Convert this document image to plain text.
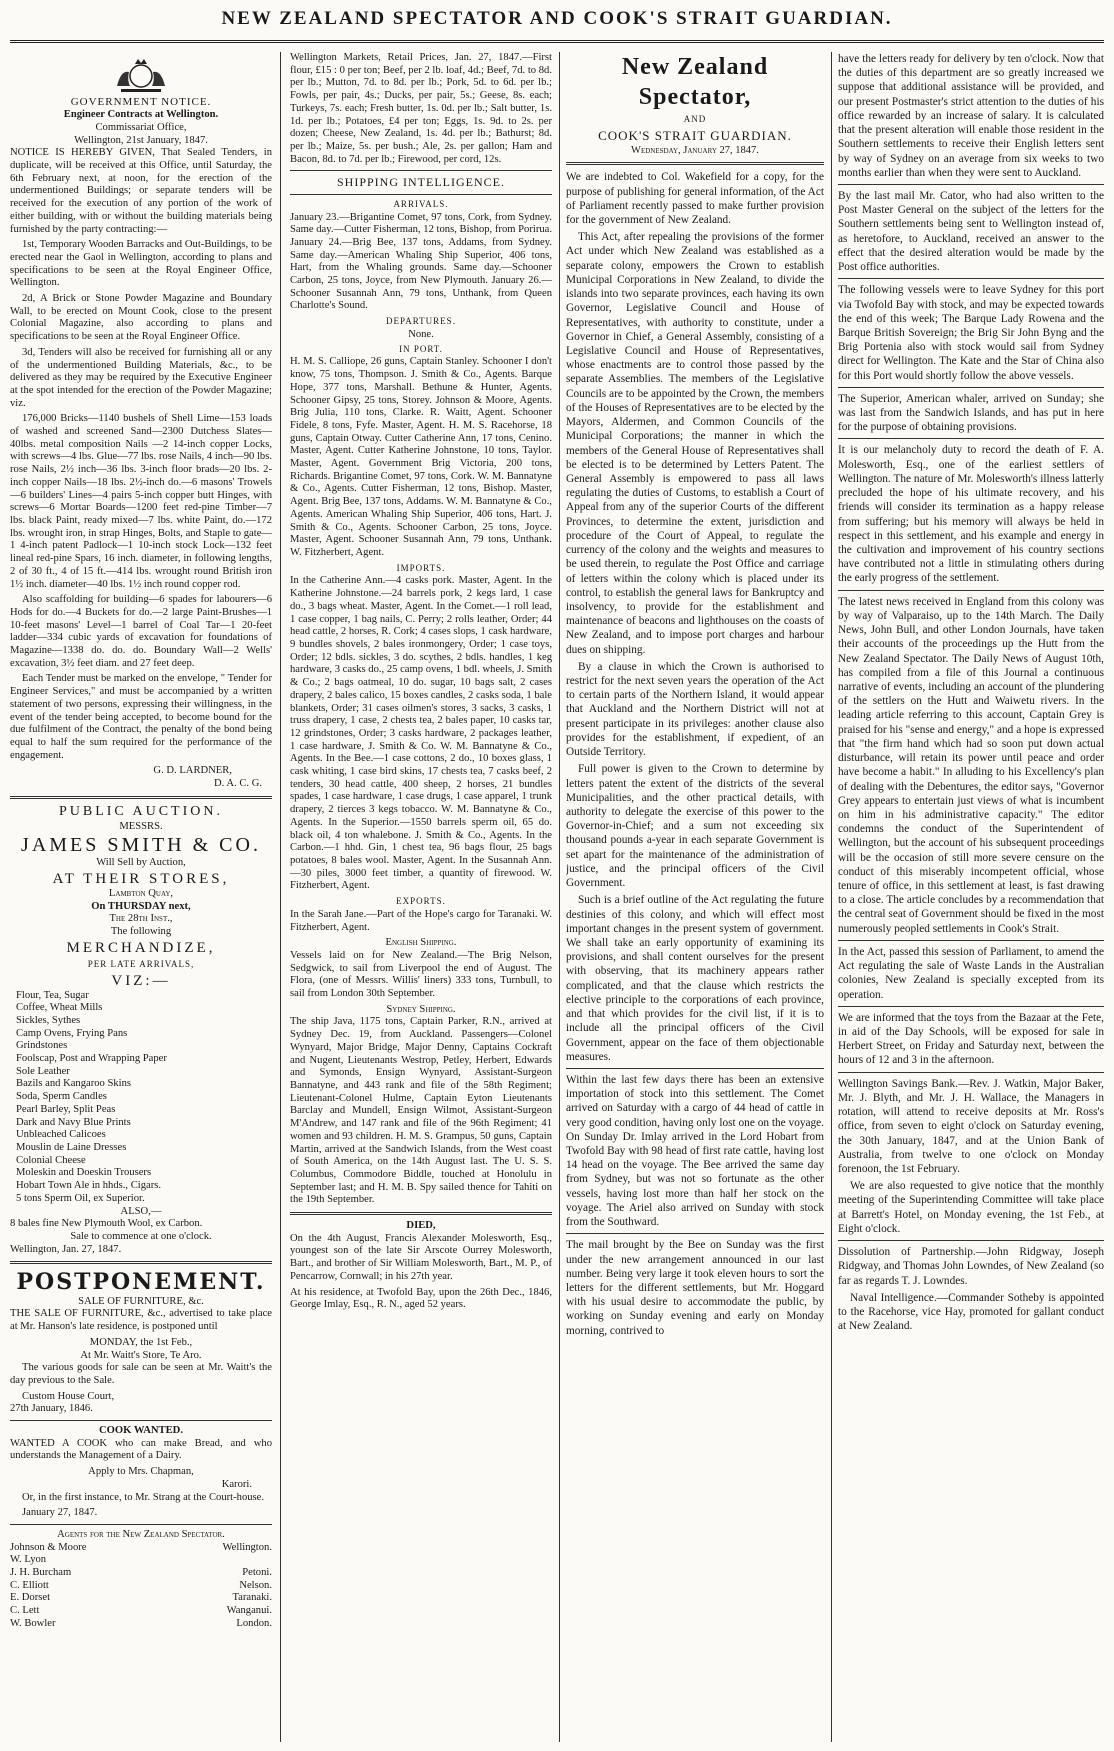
NEW ZEALAND SPECTATOR AND COOK'S STRAIT GUARDIAN.
GOVERNMENT NOTICE.
Engineer Contracts at Wellington.
Commissariat Office,
Wellington, 21st January, 1847.

NOTICE IS HEREBY GIVEN, That Sealed Tenders, in duplicate, will be received at this Office, until Saturday, the 6th February next, at noon, for the erection of the undermentioned Buildings; or separate tenders will be received for the execution of any portion of the work of either building, with or without the building materials being furnished by the party contracting:—

1st, Temporary Wooden Barracks and Out-Buildings, to be erected near the Gaol in Wellington, according to plans and specifications to be seen at the Royal Engineer Office, Wellington.

2d, A Brick or Stone Powder Magazine and Boundary Wall, to be erected on Mount Cook, close to the present Colonial Magazine, also according to plans and specifications to be seen at the Royal Engineer Office.

3d, Tenders will also be received for furnishing all or any of the undermentioned Building Materials, &c., to be delivered as they may be required by the Executive Engineer at the spot intended for the erection of the Powder Magazine; viz.

176,000 Bricks—1140 bushels of Shell Lime—153 loads of washed and screened Sand—2300 Dutchess Slates—40lbs. metal composition Nails —2 14-inch copper Locks, with screws—4 lbs. Glue—77 lbs. rose Nails, 4 inch—90 lbs. rose Nails, 2½ inch—36 lbs. 3-inch floor brads—20 lbs. 2-inch copper Nails—18 lbs. 2½-inch do.—6 masons' Trowels—6 builders' Lines—4 pairs 5-inch copper butt Hinges, with screws—6 Mortar Boards—1200 feet red-pine Timber—7 lbs. black Paint, ready mixed—7 lbs. white Paint, do.—172 lbs. wrought iron, in strap Hinges, Bolts, and Staple to gate—1 4-inch patent Padlock—1 10-inch stock Lock—132 feet lineal red-pine Spars, 16 inch. diameter, in following lengths, 2 of 30 ft., 4 of 15 ft.—414 lbs. wrought round British iron 1½ inch. diameter—40 lbs. 1½ inch round copper rod.

Also scaffolding for building—6 spades for labourers—6 Hods for do.—4 Buckets for do.—2 large Paint-Brushes—1 10-feet masons' Level—1 barrel of Coal Tar—1 20-feet ladder—334 cubic yards of excavation for foundations of Magazine—1338 do. do. do. Boundary Wall—2 Wells' excavation, 3½ feet diam. and 27 feet deep.

Each Tender must be marked on the envelope, " Tender for Engineer Services," and must be accompanied by a written statement of two persons, expressing their willingness, in the event of the tender being accepted, to become bound for the due fulfilment of the Contract, the penalty of the bond being equal to half the sum required for the performance of the engagement.

G. D. LARDNER,
D. A. C. G.
PUBLIC AUCTION.
MESSRS.
JAMES SMITH & CO.
Will Sell by Auction,
AT THEIR STORES,
Lambton Quay,
On THURSDAY next,
The 28th Inst.,
The following
MERCHANDIZE,
PER LATE ARRIVALS,
VIZ:—
Flour, Tea, Sugar
Coffee, Wheat Mills
Sickles, Sythes
Camp Ovens, Frying Pans
Grindstones
Foolscap, Post and Wrapping Paper
Sole Leather
Bazils and Kangaroo Skins
Soda, Sperm Candles
Pearl Barley, Split Peas
Dark and Navy Blue Prints
Unbleached Calicoes
Mouslin de Laine Dresses
Colonial Cheese
Moleskin and Doeskin Trousers
Hobart Town Ale in hhds., Cigars.
5 tons Sperm Oil, ex Superior.
ALSO,—
8 bales fine New Plymouth Wool, ex Carbon.
Sale to commence at one o'clock.
Wellington, Jan. 27, 1847.
POSTPONEMENT.
SALE OF FURNITURE, &c.

THE SALE OF FURNITURE, &c., advertised to take place at Mr. Hanson's late residence, is postponed until

MONDAY, the 1st Feb.,
At Mr. Waitt's Store, Te Aro.

The various goods for sale can be seen at Mr. Waitt's the day previous to the Sale.

Custom House Court,
27th January, 1846.
COOK WANTED.

WANTED A COOK who can make Bread, and who understands the Management of a Dairy.

Apply to Mrs. Chapman,
Karori.

Or, in the first instance, to Mr. Strang at the Court-house.

January 27, 1847.
Agents for the New Zealand Spectator.
Johnson & Moore	Wellington.
W. Lyon	
J. H. Burcham	Petoni.
C. Elliott	Nelson.
E. Dorset	Taranaki.
C. Lett	Wanganui.
W. Bowler	London.

Wellington Markets, Retail Prices, Jan. 27, 1847.—First flour, £15 : 0 per ton; Beef, per 2 lb. loaf, 4d.; Beef, 7d. to 8d. per lb.; Mutton, 7d. to 8d. per lb.; Pork, 5d. to 6d. per lb.; Fowls, per pair, 4s.; Ducks, per pair, 5s.; Geese, 8s. each; Turkeys, 7s. each; Fresh butter, 1s. 0d. per lb.; Salt butter, 1s. 1d. per lb.; Potatoes, £4 per ton; Eggs, 1s. 9d. to 2s. per dozen; Cheese, New Zealand, 1s. 4d. per lb.; Bathurst; 8d. per lb.; Maize, 5s. per bush.; Ale, 2s. per gallon; Ham and Bacon, 8d. to 7d. per lb.; Firewood, per cord, 12s.

SHIPPING INTELLIGENCE.
ARRIVALS.

January 23.—Brigantine Comet, 97 tons, Cork, from Sydney. Same day.—Cutter Fisherman, 12 tons, Bishop, from Porirua. January 24.—Brig Bee, 137 tons, Addams, from Sydney. Same day.—American Whaling Ship Superior, 406 tons, Hart, from the Whaling grounds. Same day.—Schooner Carbon, 25 tons, Joyce, from New Plymouth. January 26.—Schooner Susannah Ann, 79 tons, Unthank, from Queen Charlotte's Sound.

DEPARTURES.
None.
IN PORT.

H. M. S. Calliope, 26 guns, Captain Stanley. Schooner I don't know, 75 tons, Thompson. J. Smith & Co., Agents. Barque Hope, 377 tons, Marshall. Bethune & Hunter, Agents. Schooner Gipsy, 25 tons, Storey. Johnson & Moore, Agents. Brig Julia, 110 tons, Clarke. R. Waitt, Agent. Schooner Fidele, 8 tons, Fyfe. Master, Agent. H. M. S. Racehorse, 18 guns, Captain Otway. Cutter Catherine Ann, 17 tons, Cenino. Master, Agent. Cutter Katherine Johnstone, 10 tons, Taylor. Master, Agent. Government Brig Victoria, 200 tons, Richards. Brigantine Comet, 97 tons, Cork. W. M. Bannatyne & Co., Agents. Cutter Fisherman, 12 tons, Bishop. Master, Agent. Brig Bee, 137 tons, Addams. W. M. Bannatyne & Co., Agents. American Whaling Ship Superior, 406 tons, Hart. J. Smith & Co., Agents. Schooner Carbon, 25 tons, Joyce. Master, Agent. Schooner Susannah Ann, 79 tons, Unthank. W. Fitzherbert, Agent.

IMPORTS.

In the Catherine Ann.—4 casks pork. Master, Agent. In the Katherine Johnstone.—24 barrels pork, 2 kegs lard, 1 case do., 3 bags wheat. Master, Agent. In the Comet.—1 roll lead, 1 case copper, 1 bag nails, C. Perry; 2 rolls leather, Order; 44 head cattle, 2 horses, R. Cork; 4 cases slops, 1 cask hardware, 9 bundles shovels, 2 bales ironmongery, Order; 1 case toys, Order; 12 bdls. sickles, 3 do. scythes, 2 bdls. handles, 1 keg hardware, 3 casks do., 25 camp ovens, 1 bdl. wheels, J. Smith & Co.; 2 bags oatmeal, 10 do. sugar, 10 bags salt, 2 cases drapery, 2 bales calico, 15 boxes candles, 2 casks soda, 1 bale blankets, Order; 31 cases oilmen's stores, 3 sacks, 3 casks, 1 truss drapery, 1 case, 2 chests tea, 2 bales paper, 10 casks tar, 12 grindstones, Order; 3 casks hardware, 2 packages leather, 1 case hardware, J. Smith & Co. W. M. Bannatyne & Co., Agents. In the Bee.—1 case cottons, 2 do., 10 boxes glass, 1 cask whiting, 1 case bird skins, 17 chests tea, 7 casks beef, 2 tenders, 30 head cattle, 400 sheep, 2 horses, 21 bundles spades, 1 case hardware, 1 case drugs, 1 case apparel, 1 trunk drapery, 2 tierces 3 kegs tobacco. W. M. Bannatyne & Co., Agents. In the Superior.—1550 barrels sperm oil, 65 do. black oil, 4 ton whalebone. J. Smith & Co., Agents. In the Carbon.—1 hhd. Gin, 1 chest tea, 96 bags flour, 25 bags potatoes, 8 bales wool. Master, Agent. In the Susannah Ann.—30 piles, 3000 feet timber, a quantity of firewood. W. Fitzherbert, Agent.

EXPORTS.

In the Sarah Jane.—Part of the Hope's cargo for Taranaki. W. Fitzherbert, Agent.

English Shipping.

Vessels laid on for New Zealand.—The Brig Nelson, Sedgwick, to sail from Liverpool the end of August. The Flora, (one of Messrs. Willis' liners) 333 tons, Turnbull, to sail from London 30th September.

Sydney Shipping.

The ship Java, 1175 tons, Captain Parker, R.N., arrived at Sydney Dec. 19, from Auckland. Passengers—Colonel Wynyard, Major Bridge, Major Denny, Captains Cockraft and Nugent, Lieutenants Westrop, Petley, Herbert, Edwards and Symonds, Ensign Wynyard, Assistant-Surgeon Bannatyne, and 443 rank and file of the 58th Regiment; Lieutenant-Colonel Hulme, Captain Eyton Lieutenants Barclay and Mundell, Ensign Wilmot, Assistant-Surgeon M'Andrew, and 147 rank and file of the 96th Regiment; 41 women and 93 children. H. M. S. Grampus, 50 guns, Captain Martin, arrived at the Sandwich Islands, from the West coast of South America, on the 14th August last. The U. S. S. Columbus, Commodore Biddle, touched at Honolulu in September last; and H. M. B. Spy sailed thence for Tahiti on the 19th September.

DIED,

On the 4th August, Francis Alexander Molesworth, Esq., youngest son of the late Sir Arscote Ourrey Molesworth, Bart., and brother of Sir William Molesworth, Bart., M. P., of Pencarrow, Cornwall; in his 27th year.

At his residence, at Twofold Bay, upon the 26th Dec., 1846, George Imlay, Esq., R. N., aged 52 years.

New Zealand Spectator,
AND
COOK'S STRAIT GUARDIAN.
Wednesday, January 27, 1847.

We are indebted to Col. Wakefield for a copy, for the purpose of publishing for general information, of the Act of Parliament recently passed to make further provision for the government of New Zealand.

This Act, after repealing the provisions of the former Act under which New Zealand was established as a separate colony, empowers the Crown to establish Municipal Corporations in New Zealand, to divide the islands into two separate provinces, each having its own Governor, Legislative Council and House of Representatives, with authority to constitute, under a Governor in Chief, a General Assembly, consisting of a Legislative Council and House of Representatives, whose enactments are to control those passed by the separate Assemblies. The members of the Legislative Councils are to be appointed by the Crown, the members of the Houses of Representatives are to be elected by the Mayors, Aldermen, and Common Councils of the Municipal Corporations; the manner in which the members of the General House of Representatives shall be elected is to be determined by Letters Patent. The General Assembly is empowered to pass all laws regulating the duties of Customs, to establish a Court of Appeal from any of the superior Courts of the different Provinces, to determine the extent, jurisdiction and procedure of the Court of Appeal, to regulate the currency of the colony and the weights and measures to be used therein, to regulate the Post Office and carriage of letters within the colony which is placed under its control, to establish the general laws for Bankruptcy and insolvency, to provide for the establishment and maintenance of beacons and lighthouses on the coasts of New Zealand, and to impose port charges and harbour dues on shipping.

By a clause in which the Crown is authorised to restrict for the next seven years the operation of the Act to certain parts of the Northern Island, it would appear that Auckland and the Northern District will not at present participate in its privileges: another clause also provides for the establishment, if expedient, of an Outside Territory.

Full power is given to the Crown to determine by letters patent the extent of the districts of the several Municipalities, and the other practical details, with authority to delegate the exercise of this power to the Governor-in-Chief; and a sum not exceeding six thousand pounds a-year in each separate Government is set apart for the maintenance of the administration of justice, and the principal officers of the Civil Government.

Such is a brief outline of the Act regulating the future destinies of this colony, and which will effect most important changes in the present system of government. We shall take an early opportunity of examining its provisions, and shall content ourselves for the present with observing, that its machinery appears rather complicated, and that the clause which restricts the elective principle to the corporations of each province, and that which provides for the civil list, if it is to include all the principal officers of the Civil Government, appear on the face of them objectionable measures.

Within the last few days there has been an extensive importation of stock into this settlement. The Comet arrived on Saturday with a cargo of 44 head of cattle in very good condition, having only lost one on the voyage. On Sunday Dr. Imlay arrived in the Lord Hobart from Twofold Bay with 98 head of first rate cattle, having lost 14 head on the voyage. The Bee arrived the same day from Sydney, but was not so fortunate as the other vessels, having lost more than half her stock on the voyage. The Ariel also arrived on Sunday with stock from the Southward.

The mail brought by the Bee on Sunday was the first under the new arrangement announced in our last number. Being very large it took eleven hours to sort the letters for the different settlements, but Mr. Hoggard with his usual desire to accommodate the public, by working on Sunday evening and early on Monday morning, contrived to

have the letters ready for delivery by ten o'clock. Now that the duties of this department are so greatly increased we suppose that additional assistance will be provided, and our present Postmaster's strict attention to the duties of his office rewarded by an increase of salary. It is calculated that the present alteration will enable those resident in the Southern settlements to receive their English letters sent by way of Sydney on an average from six weeks to two months earlier than when they were sent to Auckland.

By the last mail Mr. Cator, who had also written to the Post Master General on the subject of the letters for the Southern settlements being sent to Wellington instead of, as heretofore, to Auckland, received an answer to the effect that the desired alteration would be made by the Post office authorities.

The following vessels were to leave Sydney for this port via Twofold Bay with stock, and may be expected towards the end of this week; The Barque Lady Rowena and the Barque British Sovereign; the Brig Sir John Byng and the Brig Portenia also with stock would sail from Sydney direct for Wellington. The Kate and the Star of China also for this Port would shortly follow the above vessels.

The Superior, American whaler, arrived on Sunday; she was last from the Sandwich Islands, and has put in here for the purpose of obtaining provisions.

It is our melancholy duty to record the death of F. A. Molesworth, Esq., one of the earliest settlers of Wellington. The nature of Mr. Molesworth's illness latterly precluded the hope of his ultimate recovery, and his friends will consider its termination as a happy release from suffering; but his memory will always be held in respect in this settlement, and his example and energy in the cultivation and improvement of his country sections have contributed not a little in stimulating others during the early progress of the settlement.

The latest news received in England from this colony was by way of Valparaiso, up to the 14th March. The Daily News, John Bull, and other London Journals, have taken their accounts of the proceedings up the Hutt from the New Zealand Spectator. The Daily News of August 10th, has compiled from a file of this Journal a continuous narrative of events, including an account of the plundering of the settlers on the Hutt and Waiwetu rivers. In the leading article referring to this account, Captain Grey is praised for his "sense and energy," and a hope is expressed that "the firm hand which had so soon put down actual disturbance, will retain its power until peace and order have become a habit." In alluding to his Excellency's plan of dealing with the Debentures, the editor says, "Governor Grey appears to entertain just views of what is incumbent on him in his administrative capacity." The editor condemns the conduct of the Superintendent of Wellington, but the account of his subsequent proceedings will be the occasion of still more severe censure on the conduct of this miserably incompetent official, whose tenure of office, in this settlement at least, is fast drawing to a close. The article concludes by a recommendation that the central seat of Government should be fixed in the most numerously peopled settlements in Cook's Strait.

In the Act, passed this session of Parliament, to amend the Act regulating the sale of Waste Lands in the Australian colonies, New Zealand is specially excepted from its operation.

We are informed that the toys from the Bazaar at the Fete, in aid of the Day Schools, will be exposed for sale in Herbert Street, on Friday and Saturday next, between the hours of 12 and 3 in the afternoon.

Wellington Savings Bank.—Rev. J. Watkin, Major Baker, Mr. J. Blyth, and Mr. J. H. Wallace, the Managers in rotation, will attend to receive deposits at Mr. Ross's office, from seven to eight o'clock on Saturday evening, the 30th January, 1847, and at the Union Bank of Australia, from twelve to one o'clock on Monday forenoon, the 1st February.

We are also requested to give notice that the monthly meeting of the Superintending Committee will take place at Barrett's Hotel, on Monday evening, the 1st Feb., at Eight o'clock.

Dissolution of Partnership.—John Ridgway, Joseph Ridgway, and Thomas John Lowndes, of New Zealand (so far as regards T. J. Lowndes.

Naval Intelligence.—Commander Sotheby is appointed to the Racehorse, vice Hay, promoted for gallant conduct at New Zealand.
